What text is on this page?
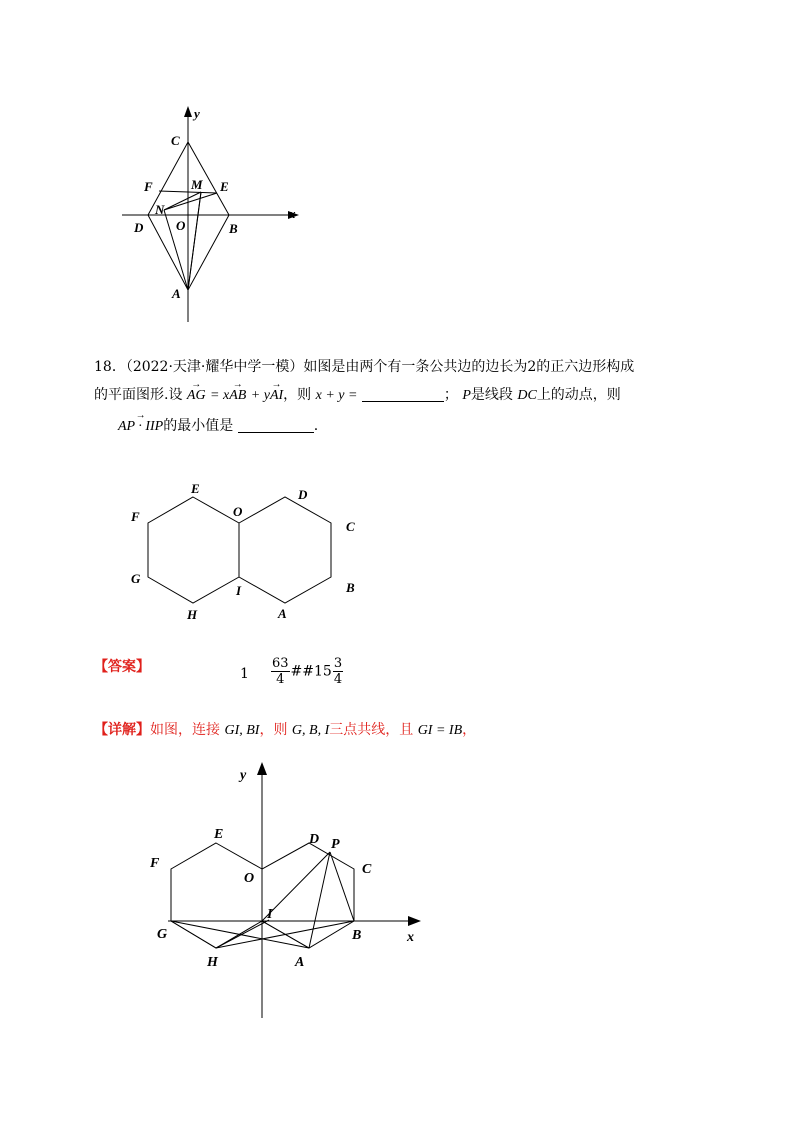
y
x
C
F	M E
N
D	O	B
A
18．（2022·天津·耀华中学一模）如图是由两个有一条公共边的边长为2的正六边形构成
的平面图形.设 → AG = x→ AB + y→ AI，则 x + y =	； P是线段 DC上的动点，则
→ AP · IIP的最小值是	.
E	D
F	O
C
G
I	B
H	A
【答案】	$1 \frac{63}{4}$ ##15 $\frac{3}{4}$
【详解】如图，连接 GI, BI，则 G, B, I三点共线，且 GI = IB，
y
x
E	D P
F
O
C
I
G	B
H	A
